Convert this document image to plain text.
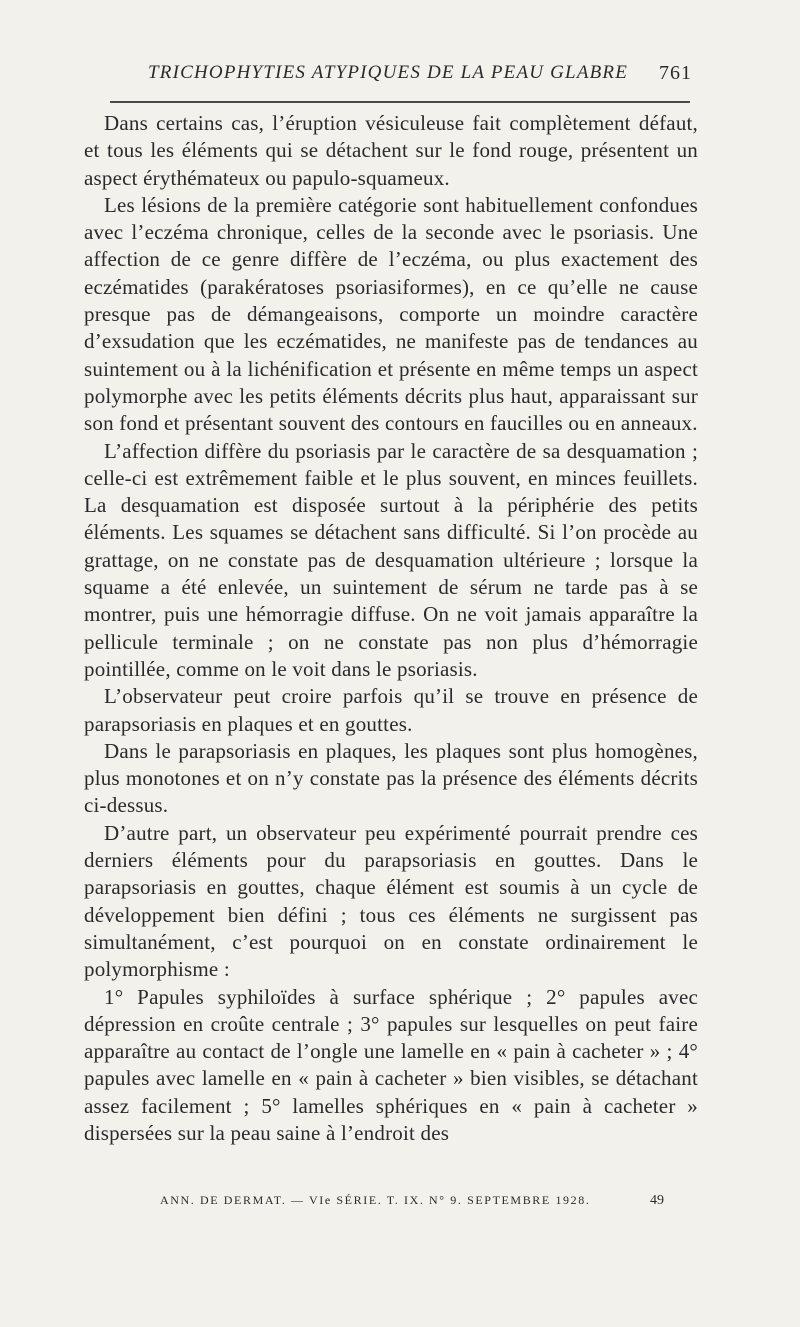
TRICHOPHYTIES ATYPIQUES DE LA PEAU GLABRE 761

Dans certains cas, l’éruption vésiculeuse fait complètement défaut, et tous les éléments qui se détachent sur le fond rouge, présentent un aspect érythémateux ou papulo-squameux.

Les lésions de la première catégorie sont habituellement confondues avec l’eczéma chronique, celles de la seconde avec le psoriasis. Une affection de ce genre diffère de l’eczéma, ou plus exactement des eczématides (parakératoses psoriasiformes), en ce qu’elle ne cause presque pas de démangeaisons, comporte un moindre caractère d’exsudation que les eczématides, ne manifeste pas de tendances au suintement ou à la lichénification et présente en même temps un aspect polymorphe avec les petits éléments décrits plus haut, apparaissant sur son fond et présentant souvent des contours en faucilles ou en anneaux.

L’affection diffère du psoriasis par le caractère de sa desquamation ; celle-ci est extrêmement faible et le plus souvent, en minces feuillets. La desquamation est disposée surtout à la périphérie des petits éléments. Les squames se détachent sans difficulté. Si l’on procède au grattage, on ne constate pas de desquamation ultérieure ; lorsque la squame a été enlevée, un suintement de sérum ne tarde pas à se montrer, puis une hémorragie diffuse. On ne voit jamais apparaître la pellicule terminale ; on ne constate pas non plus d’hémorragie pointillée, comme on le voit dans le psoriasis.

L’observateur peut croire parfois qu’il se trouve en présence de parapsoriasis en plaques et en gouttes.

Dans le parapsoriasis en plaques, les plaques sont plus homogènes, plus monotones et on n’y constate pas la présence des éléments décrits ci-dessus.

D’autre part, un observateur peu expérimenté pourrait prendre ces derniers éléments pour du parapsoriasis en gouttes. Dans le parapsoriasis en gouttes, chaque élément est soumis à un cycle de développement bien défini ; tous ces éléments ne surgissent pas simultanément, c’est pourquoi on en constate ordinairement le polymorphisme :

1° Papules syphiloïdes à surface sphérique ; 2° papules avec dépression en croûte centrale ; 3° papules sur lesquelles on peut faire apparaître au contact de l’ongle une lamelle en « pain à cacheter » ; 4° papules avec lamelle en « pain à cacheter » bien visibles, se détachant assez facilement ; 5° lamelles sphériques en « pain à cacheter » dispersées sur la peau saine à l’endroit des

ANN. DE DERMAT. — VIe SÉRIE. T. IX. N° 9. SEPTEMBRE 1928.	49
